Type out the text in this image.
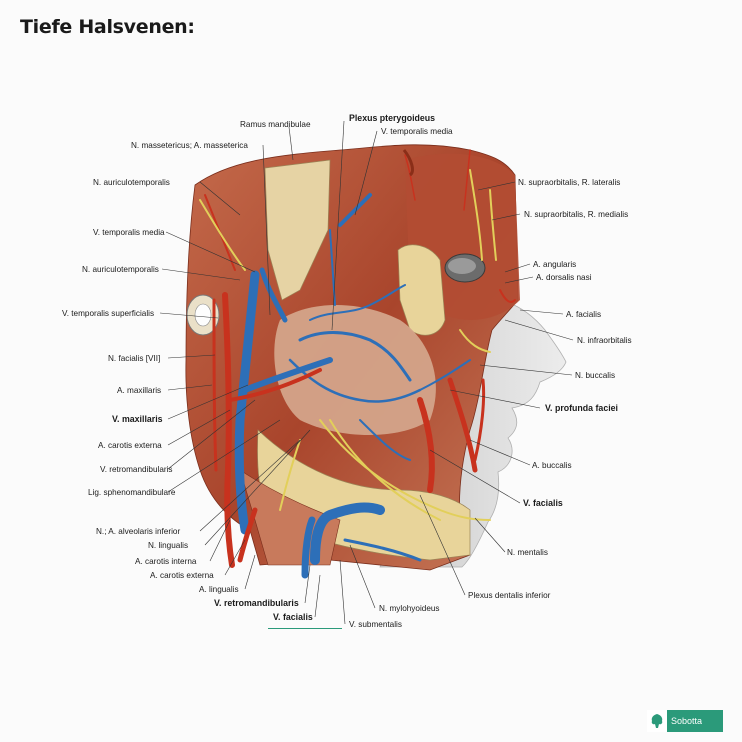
Tiefe Halsvenen:
Ramus mandibulae
Plexus pterygoideus
V. temporalis media
N. massetericus; A. masseterica
N. auriculotemporalis	N. supraorbitalis, R. lateralis
N. supraorbitalis, R. medialis
V. temporalis media
A. angularis
N. auriculotemporalis
A. dorsalis nasi
V. temporalis superficialis	A. facialis
N. infraorbitalis
N. facialis [VII]
N. buccalis
A. maxillaris
V. profunda faciei
V. maxillaris
A. carotis externa
A. buccalis
V. retromandibularis
Lig. sphenomandibulare
V. facialis
N.; A. alveolaris inferior
N. lingualis
N. mentalis
A. carotis interna
A. carotis externa
Plexus dentalis inferior
A. lingualis
V. retromandibularis
N. mylohyoideus
V. facialis
V. submentalis
Sobotta
